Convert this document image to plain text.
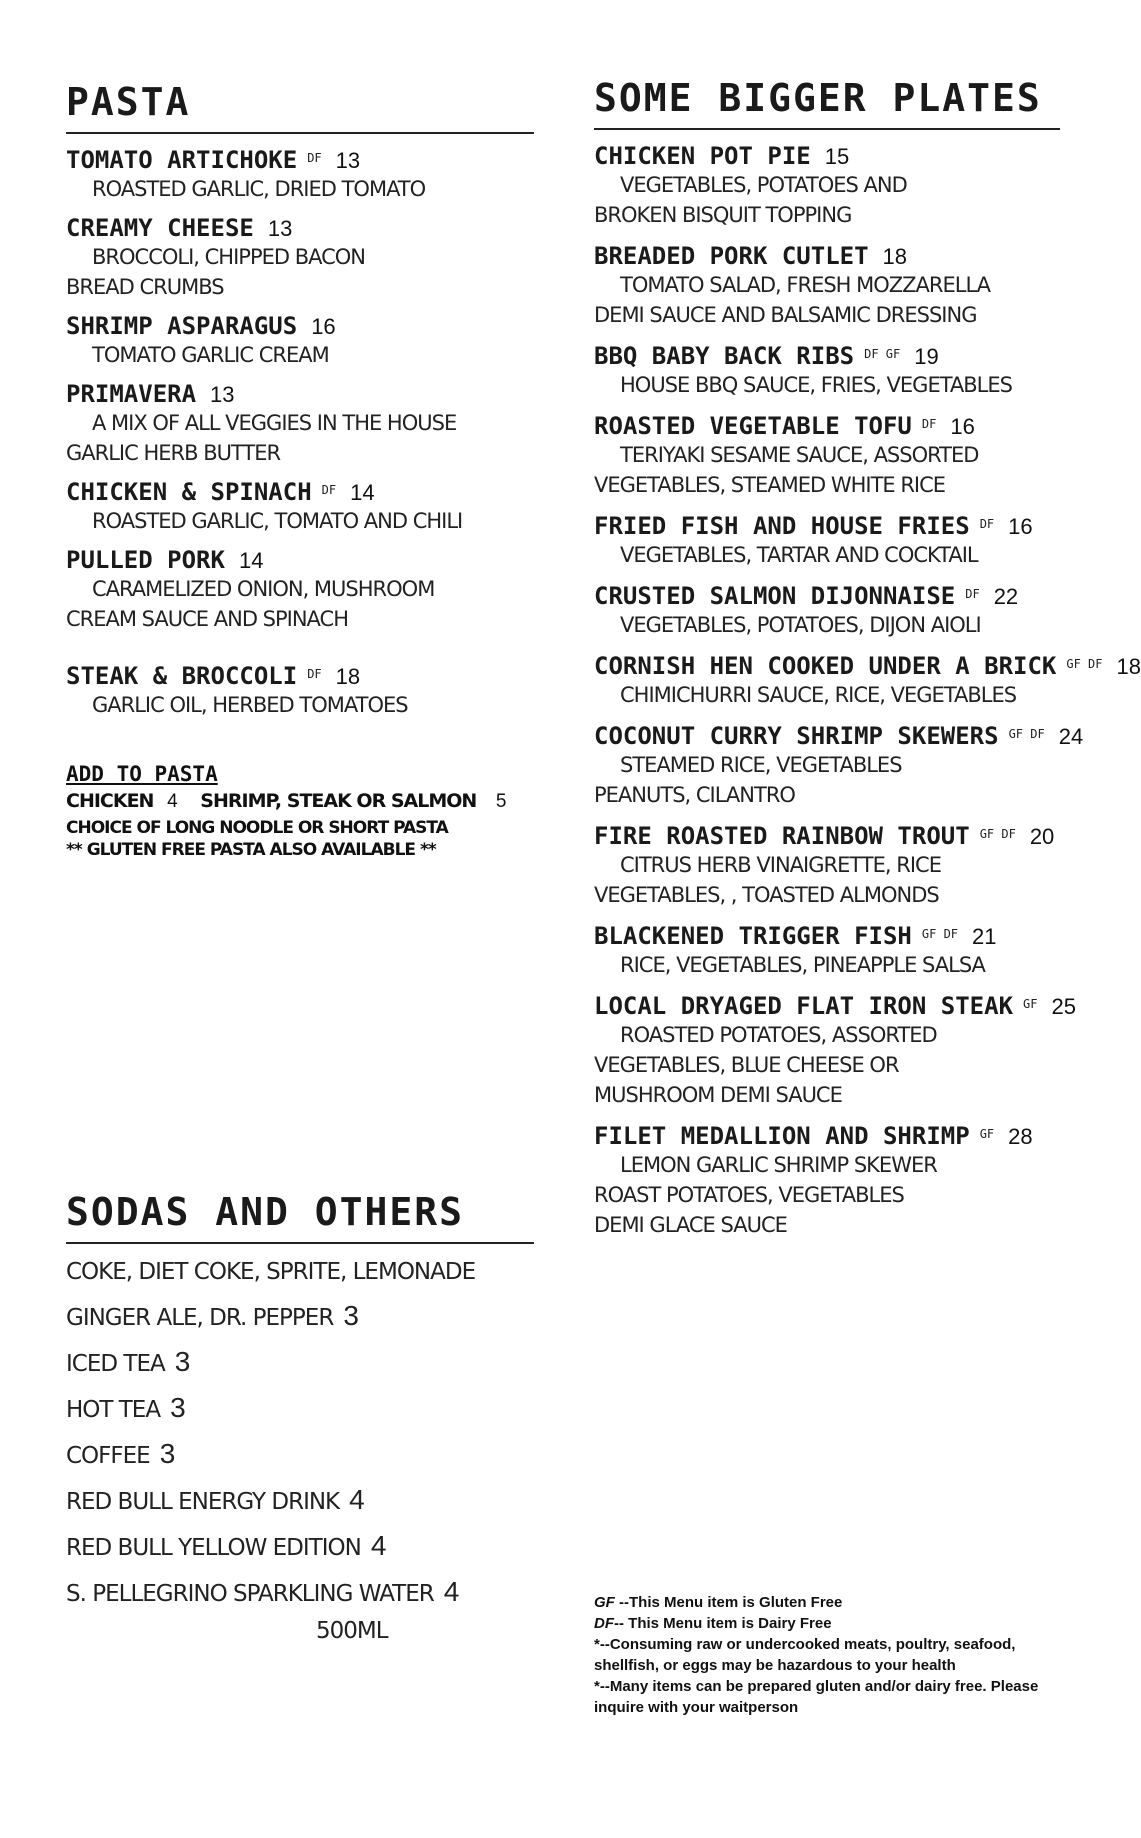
PASTA
TOMATO ARTICHOKE DF 13
ROASTED GARLIC, DRIED TOMATO
CREAMY CHEESE 13
BROCCOLI, CHIPPED BACON
BREAD CRUMBS
SHRIMP ASPARAGUS 16
TOMATO GARLIC CREAM
PRIMAVERA 13
A MIX OF ALL VEGGIES IN THE HOUSE
GARLIC HERB BUTTER
CHICKEN & SPINACH DF 14
ROASTED GARLIC, TOMATO AND CHILI
PULLED PORK 14
CARAMELIZED ONION, MUSHROOM
CREAM SAUCE AND SPINACH
STEAK & BROCCOLI DF 18
GARLIC OIL, HERBED TOMATOES
ADD TO PASTA
CHICKEN 4 SHRIMP, STEAK OR SALMON 5
CHOICE OF LONG NOODLE OR SHORT PASTA
** GLUTEN FREE PASTA ALSO AVAILABLE **
SODAS AND OTHERS
COKE, DIET COKE, SPRITE, LEMONADE
GINGER ALE, DR. PEPPER 3
ICED TEA 3
HOT TEA 3
COFFEE 3
RED BULL ENERGY DRINK 4
RED BULL YELLOW EDITION 4
S. PELLEGRINO SPARKLING WATER 4
500ML
SOME BIGGER PLATES
CHICKEN POT PIE 15
VEGETABLES, POTATOES AND
BROKEN BISQUIT TOPPING
BREADED PORK CUTLET 18
TOMATO SALAD, FRESH MOZZARELLA
DEMI SAUCE AND BALSAMIC DRESSING
BBQ BABY BACK RIBS DF GF 19
HOUSE BBQ SAUCE, FRIES, VEGETABLES
ROASTED VEGETABLE TOFU DF 16
TERIYAKI SESAME SAUCE, ASSORTED
VEGETABLES, STEAMED WHITE RICE
FRIED FISH AND HOUSE FRIES DF 16
VEGETABLES, TARTAR AND COCKTAIL
CRUSTED SALMON DIJONNAISE DF 22
VEGETABLES, POTATOES, DIJON AIOLI
CORNISH HEN COOKED UNDER A BRICK GF DF 18
CHIMICHURRI SAUCE, RICE, VEGETABLES
COCONUT CURRY SHRIMP SKEWERS GF DF 24
STEAMED RICE, VEGETABLES
PEANUTS, CILANTRO
FIRE ROASTED RAINBOW TROUT GF DF 20
CITRUS HERB VINAIGRETTE, RICE
VEGETABLES, , TOASTED ALMONDS
BLACKENED TRIGGER FISH GF DF 21
RICE, VEGETABLES, PINEAPPLE SALSA
LOCAL DRYAGED FLAT IRON STEAK GF 25
ROASTED POTATOES, ASSORTED
VEGETABLES, BLUE CHEESE OR
MUSHROOM DEMI SAUCE
FILET MEDALLION AND SHRIMP GF 28
LEMON GARLIC SHRIMP SKEWER
ROAST POTATOES, VEGETABLES
DEMI GLACE SAUCE
GF --This Menu item is Gluten Free
DF-- This Menu item is Dairy Free
*--Consuming raw or undercooked meats, poultry, seafood, shellfish, or eggs may be hazardous to your health
*--Many items can be prepared gluten and/or dairy free. Please inquire with your waitperson
